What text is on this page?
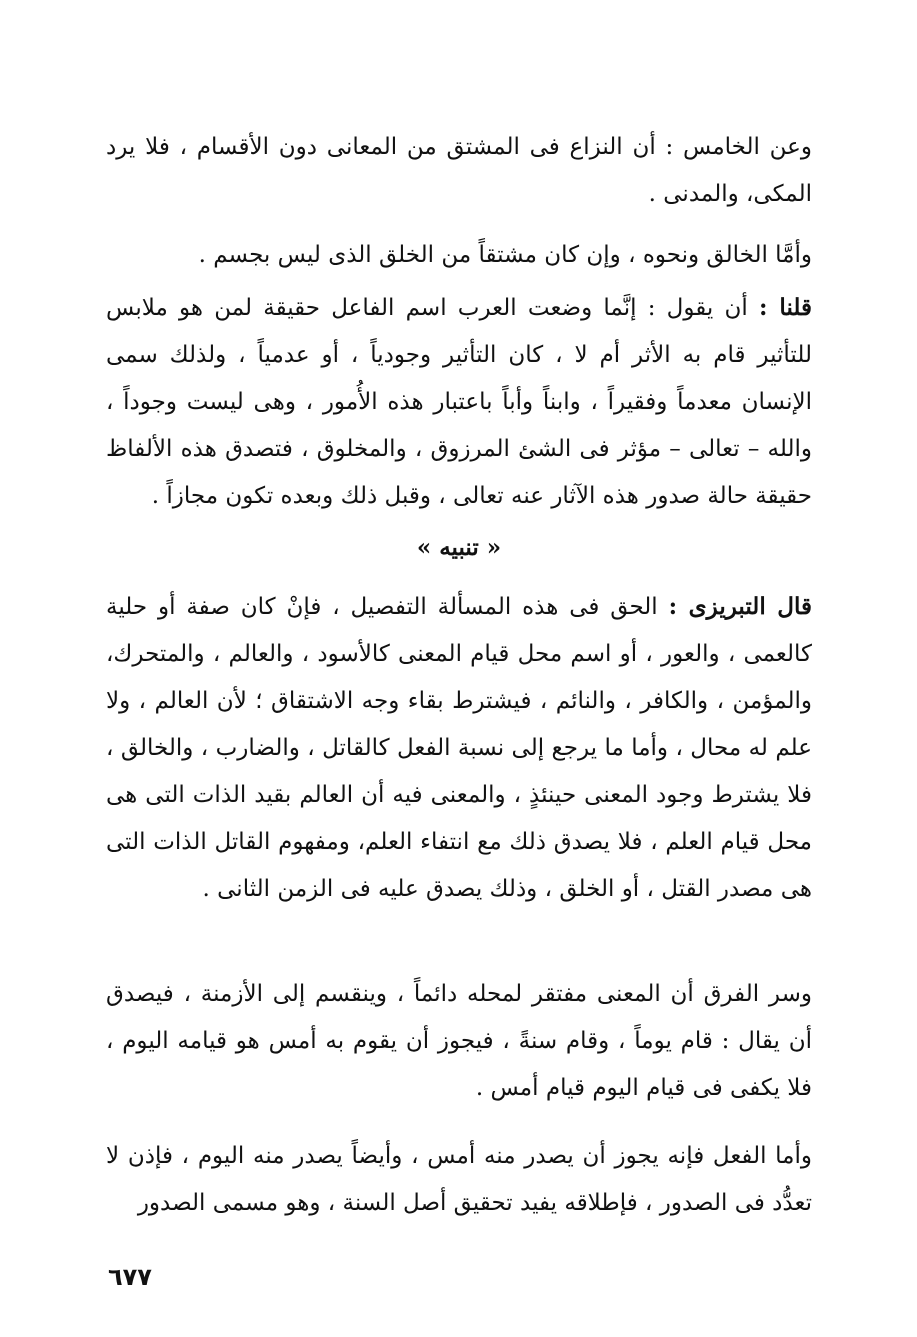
وعن الخامس : أن النزاع فى المشتق من المعانى دون الأقسام ، فلا يرد المكى، والمدنى .

وأمَّا الخالق ونحوه ، وإن كان مشتقاً من الخلق الذى ليس بجسم .

قلنا : أن يقول : إنَّما وضعت العرب اسم الفاعل حقيقة لمن هو ملابس للتأثير قام به الأثر أم لا ، كان التأثير وجودياً ، أو عدمياً ، ولذلك سمى الإنسان معدماً وفقيراً ، وابناً وأباً باعتبار هذه الأُمور ، وهى ليست وجوداً ، والله – تعالى – مؤثر فى الشئ المرزوق ، والمخلوق ، فتصدق هذه الألفاظ حقيقة حالة صدور هذه الآثار عنه تعالى ، وقبل ذلك وبعده تكون مجازاً .

« تنبيه »

قال التبريزى : الحق فى هذه المسألة التفصيل ، فإنْ كان صفة أو حلية كالعمى ، والعور ، أو اسم محل قيام المعنى كالأسود ، والعالم ، والمتحرك، والمؤمن ، والكافر ، والنائم ، فيشترط بقاء وجه الاشتقاق ؛ لأن العالم ، ولا علم له محال ، وأما ما يرجع إلى نسبة الفعل كالقاتل ، والضارب ، والخالق ، فلا يشترط وجود المعنى حينئذٍ ، والمعنى فيه أن العالم بقيد الذات التى هى محل قيام العلم ، فلا يصدق ذلك مع انتفاء العلم، ومفهوم القاتل الذات التى هى مصدر القتل ، أو الخلق ، وذلك يصدق عليه فى الزمن الثانى .

وسر الفرق أن المعنى مفتقر لمحله دائماً ، وينقسم إلى الأزمنة ، فيصدق أن يقال : قام يوماً ، وقام سنةً ، فيجوز أن يقوم به أمس هو قيامه اليوم ، فلا يكفى فى قيام اليوم قيام أمس .

وأما الفعل فإنه يجوز أن يصدر منه أمس ، وأيضاً يصدر منه اليوم ، فإذن لا تعدُّد فى الصدور ، فإطلاقه يفيد تحقيق أصل السنة ، وهو مسمى الصدور

٦٧٧
